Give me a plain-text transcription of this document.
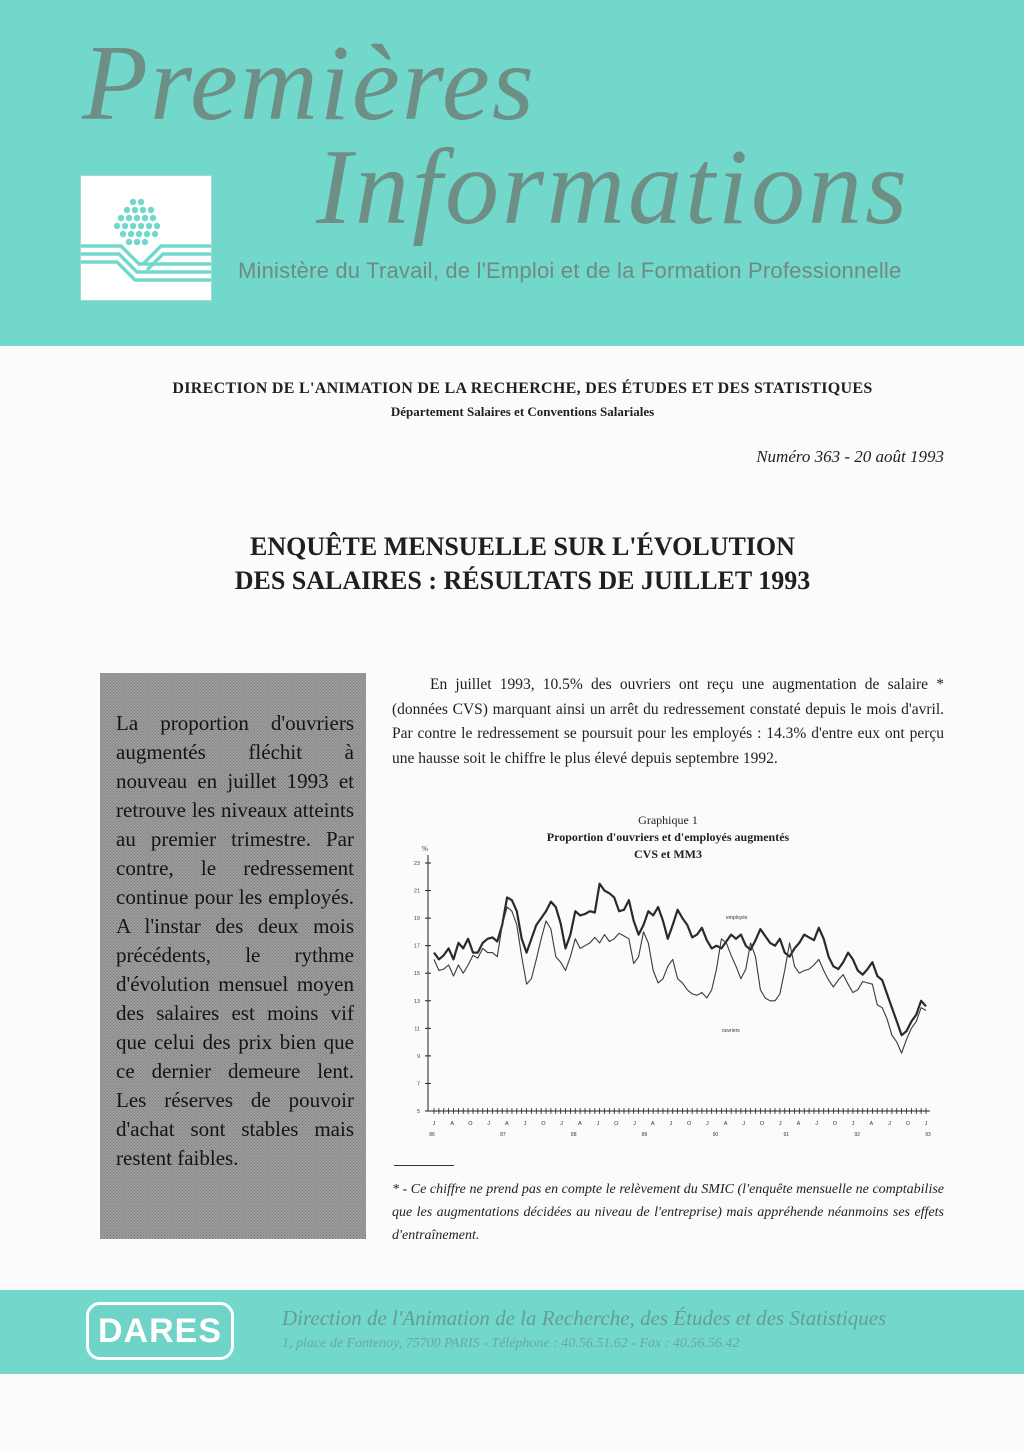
Premières
Informations
Ministère du Travail, de l'Emploi et de la Formation Professionnelle
DIRECTION DE L'ANIMATION DE LA RECHERCHE, DES ÉTUDES ET DES STATISTIQUES
Département Salaires et Conventions Salariales
Numéro 363 - 20 août 1993
ENQUÊTE MENSUELLE SUR L'ÉVOLUTION
DES SALAIRES : RÉSULTATS DE JUILLET 1993

La proportion d'ouvriers augmentés fléchit à nouveau en juillet 1993 et retrouve les niveaux atteints au premier trimestre. Par contre, le redressement continue pour les employés. A l'instar des deux mois précédents, le rythme d'évolution mensuel moyen des salaires est moins vif que celui des prix bien que ce dernier demeure lent. Les réserves de pouvoir d'achat sont stables mais restent faibles.

En juillet 1993, 10.5% des ouvriers ont reçu une augmentation de salaire * (données CVS) marquant ainsi un arrêt du redressement constaté depuis le mois d'avril. Par contre le redressement se poursuit pour les employés : 14.3% d'entre eux ont perçu une hausse soit le chiffre le plus élevé depuis septembre 1992.

Graphique 1
Proportion d'ouvriers et d'employés augmentés
CVS et MM3
%
23
21
19
17
15
13
11
9
7
5
J	A	O	J	A	J	O	J	A	J	O	J	A	J	O	J	A	J	O	J	A	J	O	J	A	J	O	J
86	87	88	89	90	91	92	93
employés
ouvriers

* - Ce chiffre ne prend pas en compte le relèvement du SMIC (l'enquête mensuelle ne comptabilise que les augmentations décidées au niveau de l'entreprise) mais appréhende néanmoins ses effets d'entraînement.

DARES	Direction de l'Animation de la Recherche, des Études et des Statistiques
1, place de Fontenoy, 75700 PARIS - Téléphone : 40.56.51.62 - Fax : 40.56.56.42
